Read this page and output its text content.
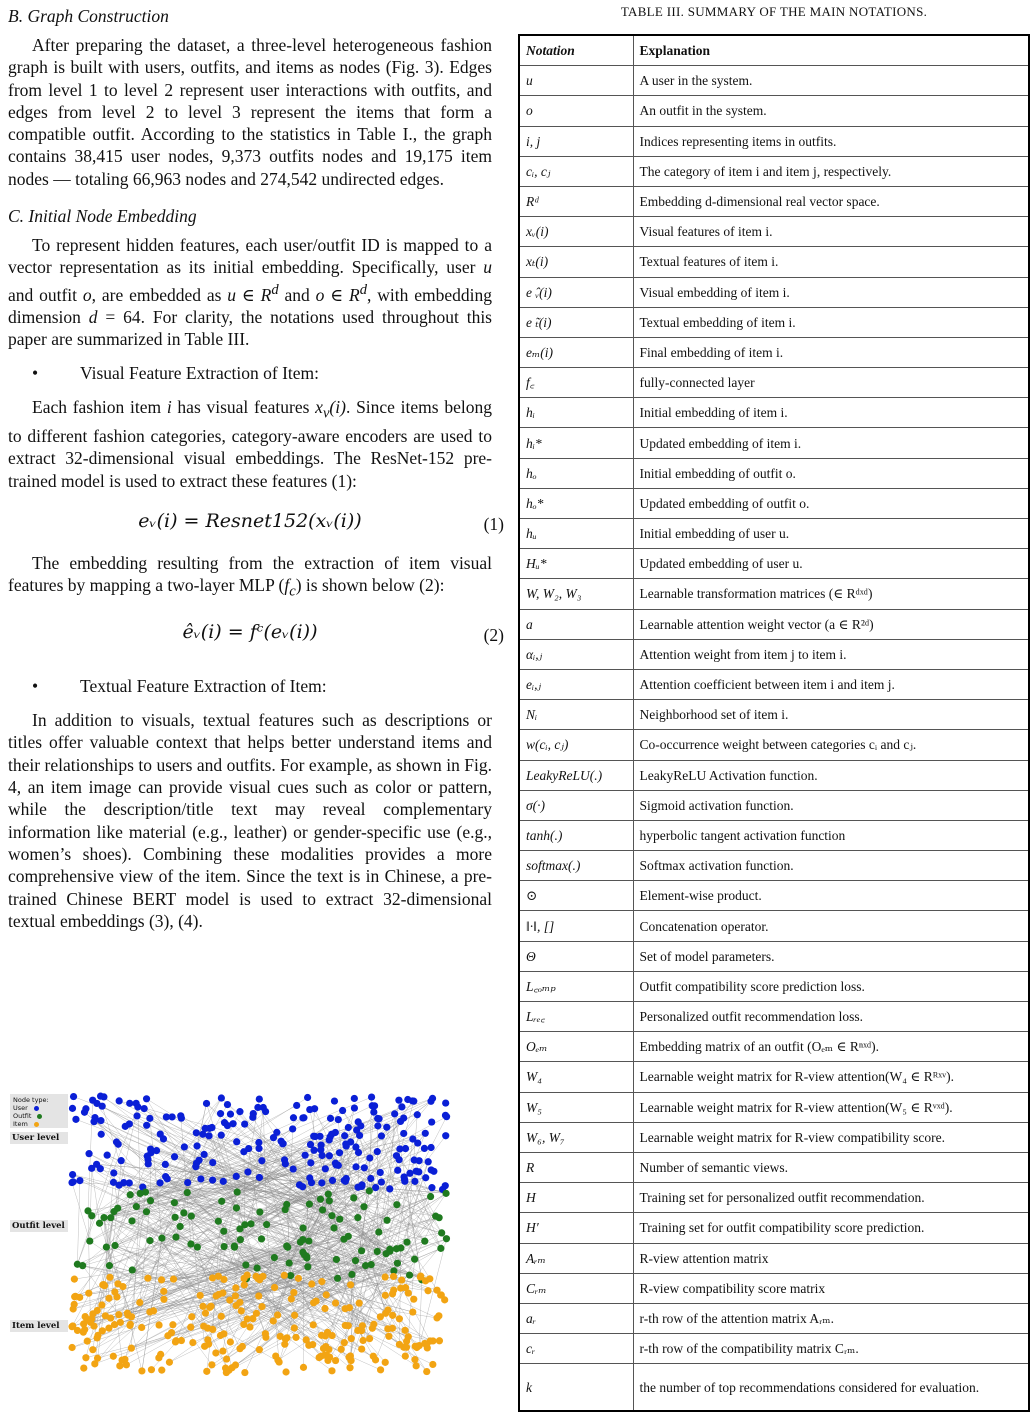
B. Graph Construction

After preparing the dataset, a three-level heterogeneous fashion graph is built with users, outfits, and items as nodes (Fig. 3). Edges from level 1 to level 2 represent user interactions with outfits, and edges from level 2 to level 3 represent the items that form a compatible outfit. According to the statistics in Table I., the graph contains 38,415 user nodes, 9,373 outfits nodes and 19,175 item nodes — totaling 66,963 nodes and 274,542 undirected edges.

C. Initial Node Embedding

To represent hidden features, each user/outfit ID is mapped to a vector representation as its initial embedding. Specifically, user u and outfit o, are embedded as u ∈ $R^d$ and o ∈ $R^d$, with embedding dimension d = 64. For clarity, the notations used throughout this paper are summarized in Table III.

• Visual Feature Extraction of Item:

Each fashion item i has visual features $x_v(i)$. Since items belong to different fashion categories, category-aware encoders are used to extract 32-dimensional visual embeddings. The ResNet-152 pre-trained model is used to extract these features (1):

eᵥ(i) = Resnet152(xᵥ(i))	(1)

The embedding resulting from the extraction of item visual features by mapping a two-layer MLP $(f_c)$ is shown below (2):

êᵥ(i) = fᶜ(eᵥ(i))	(2)
• Textual Feature Extraction of Item:

In addition to visuals, textual features such as descriptions or titles offer valuable context that helps better understand items and their relationships to users and outfits. For example, as shown in Fig. 4, an item image can provide visual cues such as color or pattern, while the description/title text may reveal complementary information like material (e.g., leather) or gender-specific use (e.g., women’s shoes). Combining these modalities provides a more comprehensive view of the item. Since the text is in Chinese, a pre-trained Chinese BERT model is used to extract 32-dimensional textual embeddings (3), (4).

Node type:
User
Outfit
Item
User level
Outfit level
Item level
TABLE III. SUMMARY OF THE MAIN NOTATIONS.
Notation	Explanation
u	A user in the system.
o	An outfit in the system.
i, j	Indices representing items in outfits.
cᵢ, cⱼ	The category of item i and item j, respectively.
Rᵈ	Embedding d-dimensional real vector space.
xᵥ(i)	Visual features of item i.
xₜ(i)	Textual features of item i.
e ̂ᵥ(i)	Visual embedding of item i.
e ̃ₜ(i)	Textual embedding of item i.
eₘ(i)	Final embedding of item i.
f꜀	fully-connected layer
hᵢ	Initial embedding of item i.
hᵢ*	Updated embedding of item i.
hₒ	Initial embedding of outfit o.
hₒ*	Updated embedding of outfit o.
hᵤ	Initial embedding of user u.
Hᵤ*	Updated embedding of user u.
W, W₂, W₃	Learnable transformation matrices (∈ Rᵈˣᵈ)
a	Learnable attention weight vector (a ∈ R²ᵈ)
αᵢ,ⱼ	Attention weight from item j to item i.
eᵢ,ⱼ	Attention coefficient between item i and item j.
Nᵢ	Neighborhood set of item i.
w(cᵢ, cⱼ)	Co-occurrence weight between categories cᵢ and cⱼ.
LeakyReLU(.)	LeakyReLU Activation function.
σ(·)	Sigmoid activation function.
tanh(.)	hyperbolic tangent activation function
softmax(.)	Softmax activation function.
⊙	Element-wise product.
‖·‖, []	Concatenation operator.
Θ	Set of model parameters.
L꜀ₒₘₚ	Outfit compatibility score prediction loss.
Lᵣₑ꜀	Personalized outfit recommendation loss.
Oₑₘ	Embedding matrix of an outfit (Oₑₘ ∈ Rⁿˣᵈ).
W₄	Learnable weight matrix for R-view attention(W₄ ∈ Rᴿˣᵛ).
W₅	Learnable weight matrix for R-view attention(W₅ ∈ Rᵛˣᵈ).
W₆, W₇	Learnable weight matrix for R-view compatibility score.
R	Number of semantic views.
H	Training set for personalized outfit recommendation.
H′	Training set for outfit compatibility score prediction.
Aᵣₘ	R-view attention matrix
Cᵣₘ	R-view compatibility score matrix
aᵣ	r-th row of the attention matrix Aᵣₘ.
cᵣ	r-th row of the compatibility matrix Cᵣₘ.
k	the number of top recommendations considered for evaluation.
